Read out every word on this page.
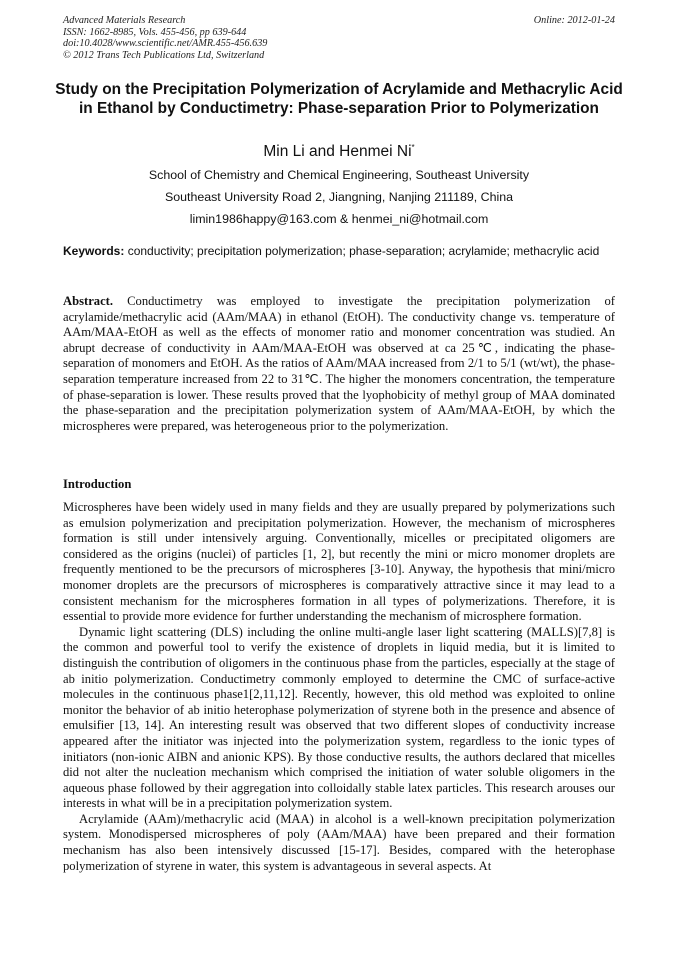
Advanced Materials Research
ISSN: 1662-8985, Vols. 455-456, pp 639-644
doi:10.4028/www.scientific.net/AMR.455-456.639
© 2012 Trans Tech Publications Ltd, Switzerland
Online: 2012-01-24
Study on the Precipitation Polymerization of Acrylamide and Methacrylic Acid in Ethanol by Conductimetry: Phase-separation Prior to Polymerization
Min Li and Henmei Ni*
School of Chemistry and Chemical Engineering, Southeast University
Southeast University Road 2, Jiangning, Nanjing 211189, China
limin1986happy@163.com & henmei_ni@hotmail.com
Keywords: conductivity; precipitation polymerization; phase-separation; acrylamide; methacrylic acid

Abstract. Conductimetry was employed to investigate the precipitation polymerization of acrylamide/methacrylic acid (AAm/MAA) in ethanol (EtOH). The conductivity change vs. temperature of AAm/MAA-EtOH as well as the effects of monomer ratio and monomer concentration was studied. An abrupt decrease of conductivity in AAm/MAA-EtOH was observed at ca 25℃, indicating the phase-separation of monomers and EtOH. As the ratios of AAm/MAA increased from 2/1 to 5/1 (wt/wt), the phase-separation temperature increased from 22 to 31℃. The higher the monomers concentration, the temperature of phase-separation is lower. These results proved that the lyophobicity of methyl group of MAA dominated the phase-separation and the precipitation polymerization system of AAm/MAA-EtOH, by which the microspheres were prepared, was heterogeneous prior to the polymerization.

Introduction

Microspheres have been widely used in many fields and they are usually prepared by polymerizations such as emulsion polymerization and precipitation polymerization. However, the mechanism of microspheres formation is still under intensively arguing. Conventionally, micelles or precipitated oligomers are considered as the origins (nuclei) of particles [1, 2], but recently the mini or micro monomer droplets are frequently mentioned to be the precursors of microspheres [3-10]. Anyway, the hypothesis that mini/micro monomer droplets are the precursors of microspheres is comparatively attractive since it may lead to a consistent mechanism for the microspheres formation in all types of polymerizations. Therefore, it is essential to provide more evidence for further understanding the mechanism of microsphere formation.

Dynamic light scattering (DLS) including the online multi-angle laser light scattering (MALLS)[7,8] is the common and powerful tool to verify the existence of droplets in liquid media, but it is limited to distinguish the contribution of oligomers in the continuous phase from the particles, especially at the stage of ab initio polymerization. Conductimetry commonly employed to determine the CMC of surface-active molecules in the continuous phase1[2,11,12]. Recently, however, this old method was exploited to online monitor the behavior of ab initio heterophase polymerization of styrene both in the presence and absence of emulsifier [13, 14]. An interesting result was observed that two different slopes of conductivity increase appeared after the initiator was injected into the polymerization system, regardless to the ionic types of initiators (non-ionic AIBN and anionic KPS). By those conductive results, the authors declared that micelles did not alter the nucleation mechanism which comprised the initiation of water soluble oligomers in the aqueous phase followed by their aggregation into colloidally stable latex particles. This research arouses our interests in what will be in a precipitation polymerization system.

Acrylamide (AAm)/methacrylic acid (MAA) in alcohol is a well-known precipitation polymerization system. Monodispersed microspheres of poly (AAm/MAA) have been prepared and their formation mechanism has also been intensively discussed [15-17]. Besides, compared with the heterophase polymerization of styrene in water, this system is advantageous in several aspects. At
